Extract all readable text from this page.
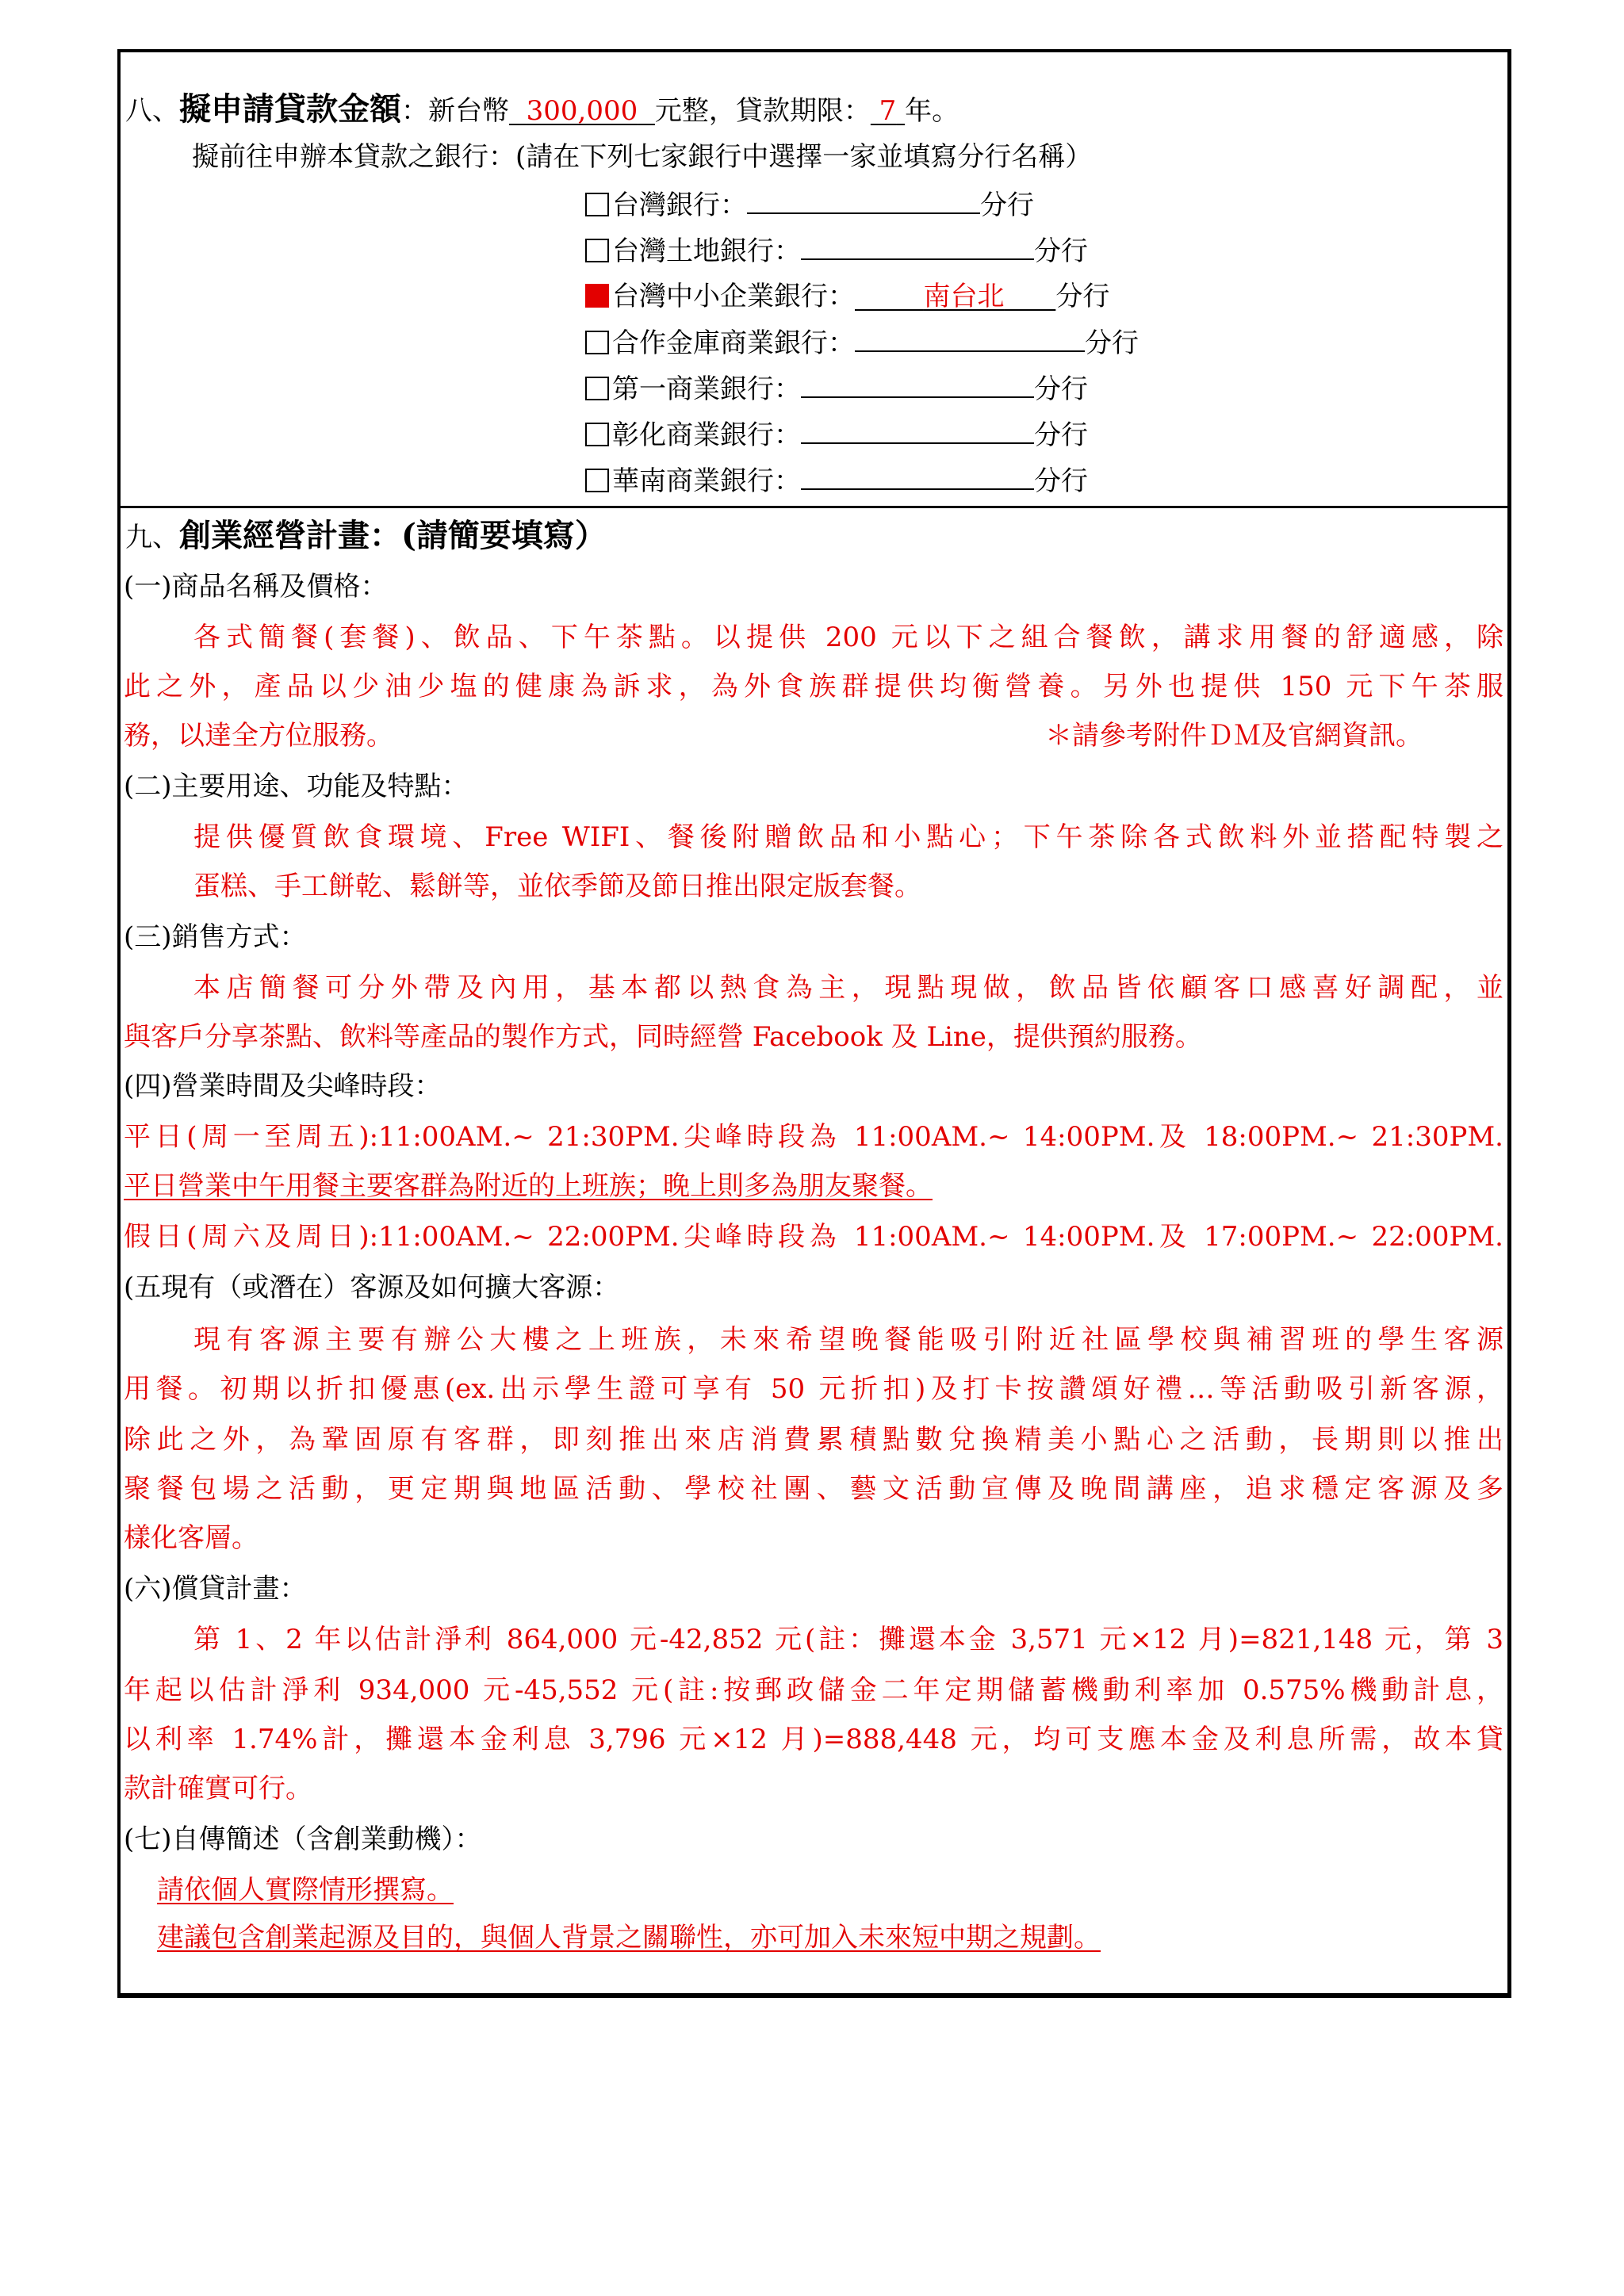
八、擬申請貸款金額：新台幣 300,000 元整，貸款期限： 7 年。
擬前往申辦本貸款之銀行：(請在下列七家銀行中選擇一家並填寫分行名稱）
台灣銀行：	分行
台灣土地銀行：	分行
台灣中小企業銀行：	南台北 分行
合作金庫商業銀行：	分行
第一商業銀行：	分行
彰化商業銀行：	分行
華南商業銀行：	分行
九、創業經營計畫：(請簡要填寫）
(一)商品名稱及價格：
各式簡餐(套餐)、飲品、下午茶點。以提供 200 元以下之組合餐飲，講求用餐的舒適感，除
此之外，產品以少油少塩的健康為訴求，為外食族群提供均衡營養。另外也提供 150 元下午茶服
務，以達全方位服務。	＊請參考附件ＤＭ及官網資訊。
(二)主要用途、功能及特點：
提供優質飲食環境、Free WIFI、餐後附贈飲品和小點心；下午茶除各式飲料外並搭配特製之
蛋糕、手工餅乾、鬆餅等，並依季節及節日推出限定版套餐。
(三)銷售方式：
本店簡餐可分外帶及內用，基本都以熱食為主，現點現做，飲品皆依顧客口感喜好調配，並
與客戶分享茶點、飲料等產品的製作方式，同時經營 Facebook 及 Line，提供預約服務。
(四)營業時間及尖峰時段：
平日(周一至周五):11:00AM.~ 21:30PM.尖峰時段為 11:00AM.~ 14:00PM.及 18:00PM.~ 21:30PM.
平日營業中午用餐主要客群為附近的上班族；晚上則多為朋友聚餐。
假日(周六及周日):11:00AM.~ 22:00PM.尖峰時段為 11:00AM.~ 14:00PM.及 17:00PM.~ 22:00PM.
(五現有（或潛在）客源及如何擴大客源：
現有客源主要有辦公大樓之上班族，未來希望晚餐能吸引附近社區學校與補習班的學生客源
用餐。初期以折扣優惠(ex.出示學生證可享有 50 元折扣)及打卡按讚頌好禮…等活動吸引新客源，
除此之外，為鞏固原有客群，即刻推出來店消費累積點數兌換精美小點心之活動，長期則以推出
聚餐包場之活動，更定期與地區活動、學校社團、藝文活動宣傳及晚間講座，追求穩定客源及多
樣化客層。
(六)償貸計畫：
第 1、2 年以估計淨利 864,000 元-42,852 元(註：攤還本金 3,571 元×12 月)=821,148 元，第 3
年起以估計淨利 934,000 元-45,552 元(註:按郵政儲金二年定期儲蓄機動利率加 0.575%機動計息，
以利率 1.74%計，攤還本金利息 3,796 元×12 月)=888,448 元，均可支應本金及利息所需，故本貸
款計確實可行。
(七)自傳簡述（含創業動機）：
請依個人實際情形撰寫。
建議包含創業起源及目的，與個人背景之關聯性，亦可加入未來短中期之規劃。
